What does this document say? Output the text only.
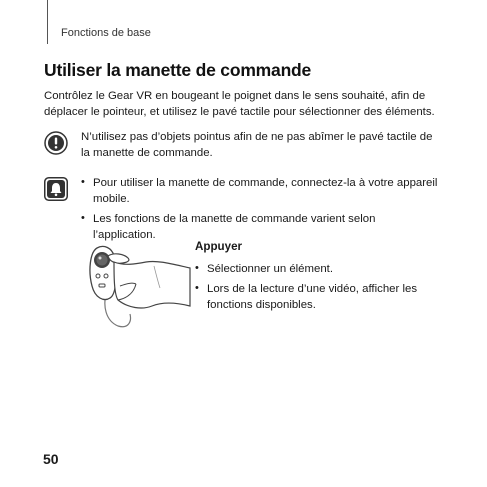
Fonctions de base
Utiliser la manette de commande

Contrôlez le Gear VR en bougeant le poignet dans le sens souhaité, afin de déplacer le pointeur, et utilisez le pavé tactile pour sélectionner des éléments.

N’utilisez pas d’objets pointus afin de ne pas abîmer le pavé tactile de la manette de commande.

• Pour utiliser la manette de commande, connectez-la à votre appareil mobile.
• Les fonctions de la manette de commande varient selon l’application.

Appuyer

• Sélectionner un élément.
• Lors de la lecture d’une vidéo, afficher les fonctions disponibles.
50
